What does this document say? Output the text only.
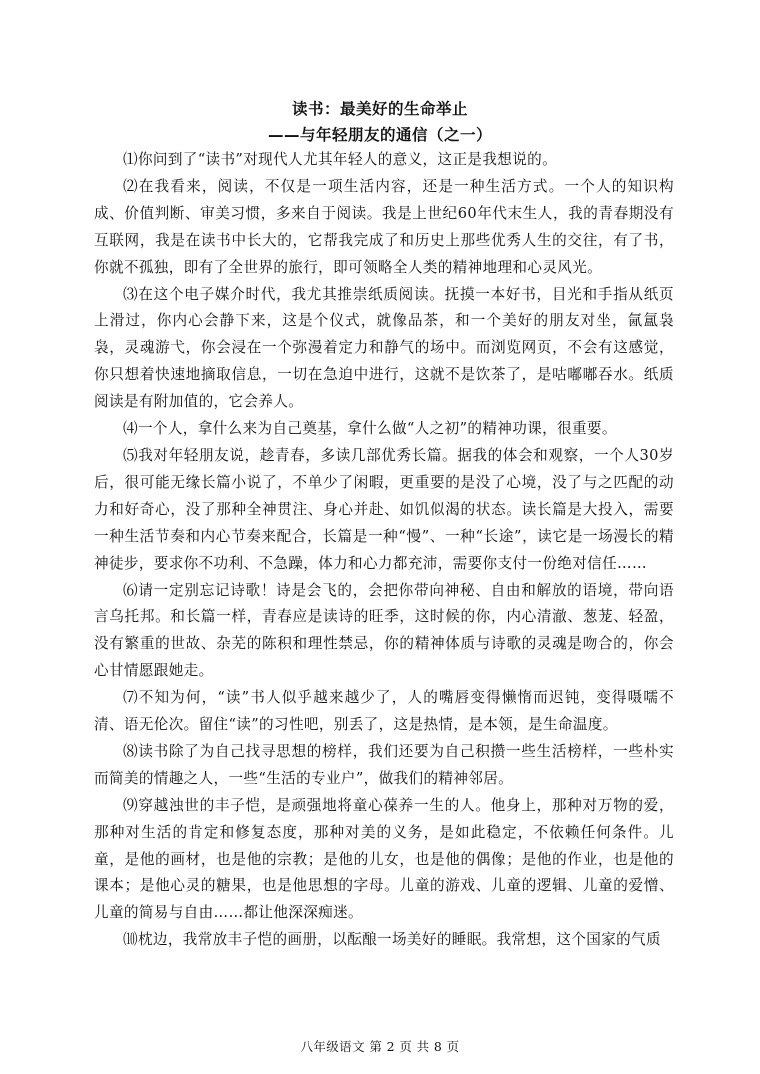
读书：最美好的生命举止
——与年轻朋友的通信（之一）

⑴你问到了“读书”对现代人尤其年轻人的意义，这正是我想说的。

⑵在我看来，阅读，不仅是一项生活内容，还是一种生活方式。一个人的知识构成、价值判断、审美习惯，多来自于阅读。我是上世纪60年代末生人，我的青春期没有互联网，我是在读书中长大的，它帮我完成了和历史上那些优秀人生的交往，有了书，你就不孤独，即有了全世界的旅行，即可领略全人类的精神地理和心灵风光。

⑶在这个电子媒介时代，我尤其推崇纸质阅读。抚摸一本好书，目光和手指从纸页上滑过，你内心会静下来，这是个仪式，就像品茶，和一个美好的朋友对坐，氤氲袅袅，灵魂游弋，你会浸在一个弥漫着定力和静气的场中。而浏览网页，不会有这感觉，你只想着快速地摘取信息，一切在急迫中进行，这就不是饮茶了，是咕嘟嘟吞水。纸质阅读是有附加值的，它会养人。

⑷一个人，拿什么来为自己奠基，拿什么做“人之初”的精神功课，很重要。

⑸我对年轻朋友说，趁青春，多读几部优秀长篇。据我的体会和观察，一个人30岁后，很可能无缘长篇小说了，不单少了闲暇，更重要的是没了心境，没了与之匹配的动力和好奇心，没了那种全神贯注、身心并赴、如饥似渴的状态。读长篇是大投入，需要一种生活节奏和内心节奏来配合，长篇是一种“慢”、一种“长途”，读它是一场漫长的精神徒步，要求你不功利、不急躁，体力和心力都充沛，需要你支付一份绝对信任……

⑹请一定别忘记诗歌！诗是会飞的，会把你带向神秘、自由和解放的语境，带向语言乌托邦。和长篇一样，青春应是读诗的旺季，这时候的你，内心清澈、葱茏、轻盈，没有繁重的世故、杂芜的陈积和理性禁忌，你的精神体质与诗歌的灵魂是吻合的，你会心甘情愿跟她走。

⑺不知为何，“读”书人似乎越来越少了，人的嘴唇变得懒惰而迟钝，变得嗫嚅不清、语无伦次。留住“读”的习性吧，别丢了，这是热情，是本领，是生命温度。

⑻读书除了为自己找寻思想的榜样，我们还要为自己积攒一些生活榜样，一些朴实而简美的情趣之人，一些“生活的专业户”，做我们的精神邻居。

⑼穿越浊世的丰子恺，是顽强地将童心葆养一生的人。他身上，那种对万物的爱，那种对生活的肯定和修复态度，那种对美的义务，是如此稳定，不依赖任何条件。儿童，是他的画材，也是他的宗教；是他的儿女，也是他的偶像；是他的作业，也是他的课本；是他心灵的糖果，也是他思想的字母。儿童的游戏、儿童的逻辑、儿童的爱憎、儿童的简易与自由……都让他深深痴迷。

⑽枕边，我常放丰子恺的画册，以酝酿一场美好的睡眠。我常想，这个国家的气质

八年级语文 第 2 页 共 8 页
